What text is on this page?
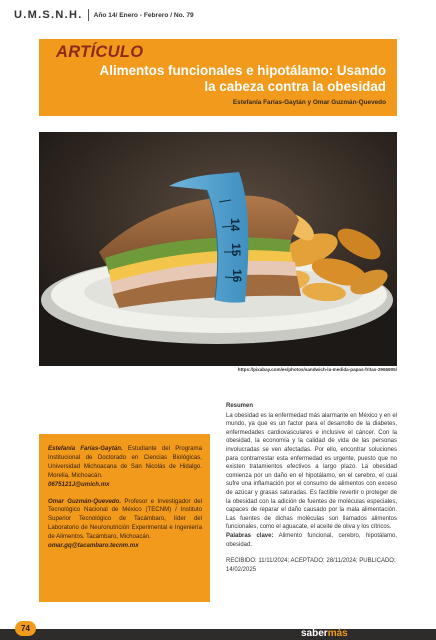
U.M.S.N.H. Año 14/ Enero - Febrero / No. 79
ARTÍCULO
Alimentos funcionales e hipotálamo: Usando
la cabeza contra la obesidad
Estefanía Farías-Gaytán y Omar Guzmán-Quevedo
14
15
16
https://pixabay.com/es/photos/sandwich-la-medida-papas-fritas-2965905/

Estefanía Farías-Gaytán. Estudiante del Programa Institucional de Doctorado en Ciencias Biológicas, Universidad Michoacana de San Nicolás de Hidalgo. Morelia, Michoacán.
0675121J@umich.mx

Omar Guzmán-Quevedo. Profesor e Investigador del Tecnológico Nacional de México (TECNM) / Instituto Superior Tecnológico de Tacámbaro, líder del Laboratorio de Neuronutrición Experimental e Ingeniería de Alimentos. Tacámbaro, Michoacán.
omar.gq@tacambaro.tecnm.mx

Resumen
La obesidad es la enfermedad más alarmante en México y en el mundo, ya que es un factor para el desarrollo de la diabetes, enfermedades cardiovasculares e inclusive el cáncer. Con la obesidad, la economía y la calidad de vida de las personas involucradas se ven afectadas. Por ello, encontrar soluciones para contrarrestar esta enfermedad es urgente, puesto que no existen tratamientos efectivos a largo plazo. La obesidad comienza por un daño en el hipotálamo, en el cerebro, el cual sufre una inflamación por el consumo de alimentos con exceso de azúcar y grasas saturadas. Es factible revertir o proteger de la obesidad con la adición de fuentes de moléculas especiales, capaces de reparar el daño causado por la mala alimentación. Las fuentes de dichas moléculas son llamados alimentos funcionales, como el aguacate, el aceite de oliva y los cítricos.
Palabras clave: Alimento funcional, cerebro, hipotálamo, obesidad.
RECIBIDO: 11/11/2024; ACEPTADO: 28/11/2024; PUBLICADO: 14/02/2025
74	sabermás
